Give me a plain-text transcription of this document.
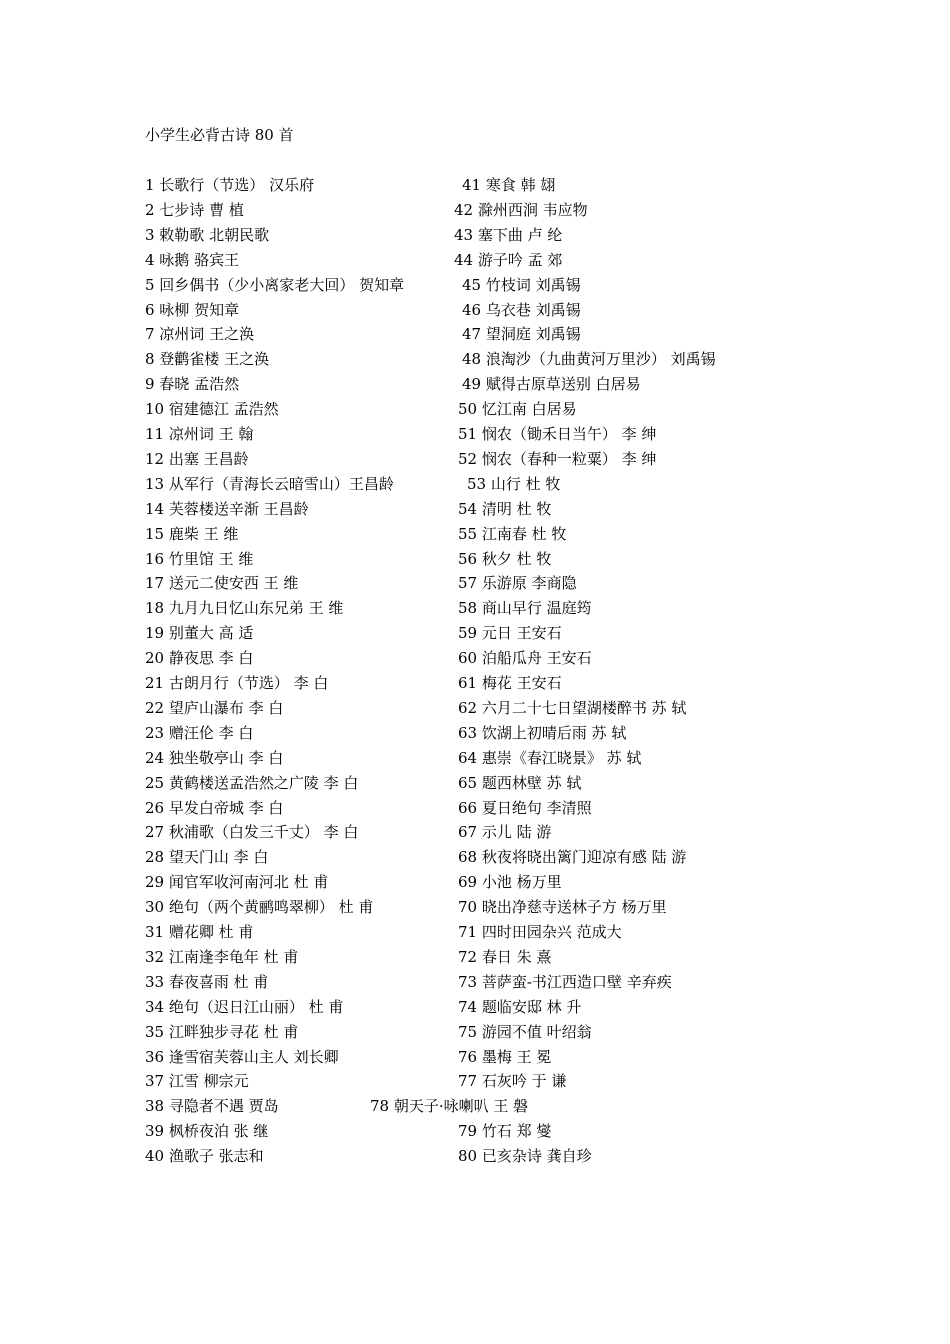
小学生必背古诗 80 首
1 长歌行（节选） 汉乐府
2 七步诗 曹 植
3 敕勒歌 北朝民歌
4 咏鹅 骆宾王
5 回乡偶书（少小离家老大回） 贺知章
6 咏柳 贺知章
7 凉州词 王之涣
8 登鹳雀楼 王之涣
9 春晓 孟浩然
10 宿建德江 孟浩然
11 凉州词 王 翰
12 出塞 王昌龄
13 从军行（青海长云暗雪山）王昌龄
14 芙蓉楼送辛渐 王昌龄
15 鹿柴 王 维
16 竹里馆 王 维
17 送元二使安西 王 维
18 九月九日忆山东兄弟 王 维
19 别董大 高 适
20 静夜思 李 白
21 古朗月行（节选） 李 白
22 望庐山瀑布 李 白
23 赠汪伦 李 白
24 独坐敬亭山 李 白
25 黄鹤楼送孟浩然之广陵 李 白
26 早发白帝城 李 白
27 秋浦歌（白发三千丈） 李 白
28 望天门山 李 白
29 闻官军收河南河北 杜 甫
30 绝句（两个黄鹂鸣翠柳） 杜 甫
31 赠花卿 杜 甫
32 江南逢李龟年 杜 甫
33 春夜喜雨 杜 甫
34 绝句（迟日江山丽） 杜 甫
35 江畔独步寻花 杜 甫
36 逢雪宿芙蓉山主人 刘长卿
37 江雪 柳宗元
38 寻隐者不遇 贾岛
39 枫桥夜泊 张 继
40 渔歌子 张志和
41 寒食 韩 翃
42 滁州西涧 韦应物
43 塞下曲 卢 纶
44 游子吟 孟 郊
45 竹枝词 刘禹锡
46 乌衣巷 刘禹锡
47 望洞庭 刘禹锡
48 浪淘沙（九曲黄河万里沙） 刘禹锡
49 赋得古原草送别 白居易
50 忆江南 白居易
51 悯农（锄禾日当午） 李 绅
52 悯农（春种一粒粟） 李 绅
53 山行 杜 牧
54 清明 杜 牧
55 江南春 杜 牧
56 秋夕 杜 牧
57 乐游原 李商隐
58 商山早行 温庭筠
59 元日 王安石
60 泊船瓜舟 王安石
61 梅花 王安石
62 六月二十七日望湖楼醉书 苏 轼
63 饮湖上初晴后雨 苏 轼
64 惠崇《春江晓景》 苏 轼
65 题西林壁 苏 轼
66 夏日绝句 李清照
67 示儿 陆 游
68 秋夜将晓出篱门迎凉有感 陆 游
69 小池 杨万里
70 晓出净慈寺送林子方 杨万里
71 四时田园杂兴 范成大
72 春日 朱 熹
73 菩萨蛮-书江西造口壁 辛弃疾
74 题临安邸 林 升
75 游园不值 叶绍翁
76 墨梅 王 冕
77 石灰吟 于 谦
78 朝天子·咏喇叭 王 磐
79 竹石 郑 燮
80 已亥杂诗 龚自珍
